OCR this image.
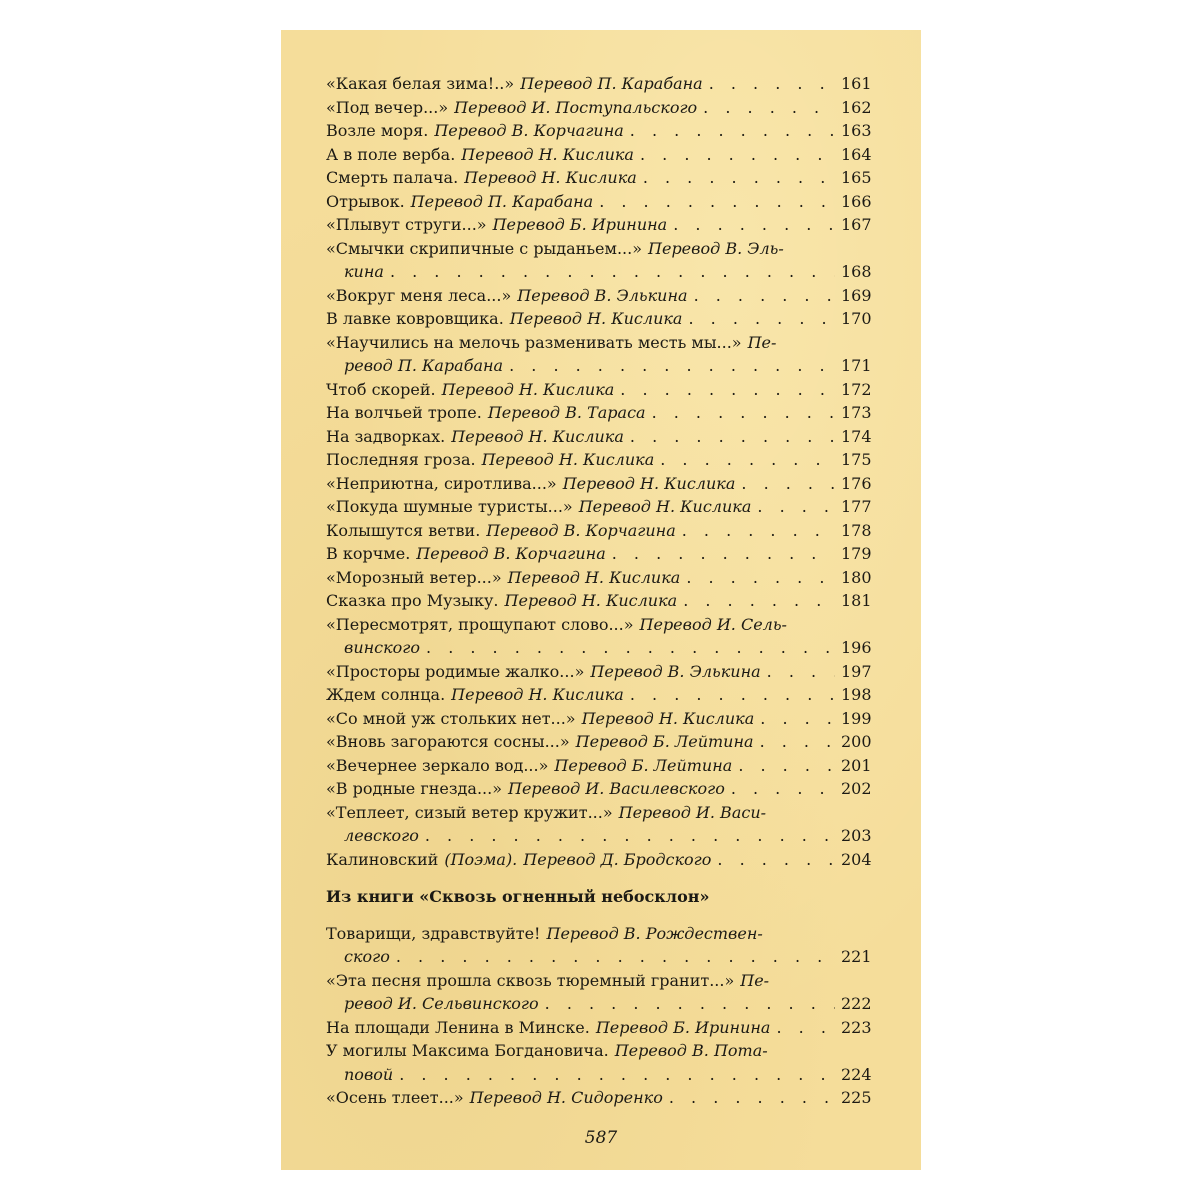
«Какая белая зима!..» Перевод П. Карабана . . .	161
«Под вечер...» Перевод И. Поступальского . . .	162
Возле моря. Перевод В. Корчагина . . .	163
А в поле верба. Перевод Н. Кислика . . .	164
Смерть палача. Перевод Н. Кислика . . .	165
Отрывок. Перевод П. Карабана . . .	166
«Плывут струги...» Перевод Б. Иринина . . .	167
«Смычки скрипичные с рыданьем...» Перевод В. Эль-
кина . . .	168
«Вокруг меня леса...» Перевод В. Элькина . . .	169
В лавке ковровщика. Перевод Н. Кислика . . .	170
«Научились на мелочь разменивать месть мы...» Пе-
ревод П. Карабана . . .	171
Чтоб скорей. Перевод Н. Кислика . . .	172
На волчьей тропе. Перевод В. Тараса . . .	173
На задворках. Перевод Н. Кислика . . .	174
Последняя гроза. Перевод Н. Кислика . . .	175
«Неприютна, сиротлива...» Перевод Н. Кислика . . .	176
«Покуда шумные туристы...» Перевод Н. Кислика . . .	177
Колышутся ветви. Перевод В. Корчагина . . .	178
В корчме. Перевод В. Корчагина . . .	179
«Морозный ветер...» Перевод Н. Кислика . . .	180
Сказка про Музыку. Перевод Н. Кислика . . .	181
«Пересмотрят, прощупают слово...» Перевод И. Сель-
винского . . .	196
«Просторы родимые жалко...» Перевод В. Элькина . . .	197
Ждем солнца. Перевод Н. Кислика . . .	198
«Со мной уж стольких нет...» Перевод Н. Кислика . . .	199
«Вновь загораются сосны...» Перевод Б. Лейтина . . .	200
«Вечернее зеркало вод...» Перевод Б. Лейтина . . .	201
«В родные гнезда...» Перевод И. Василевского . . .	202
«Теплеет, сизый ветер кружит...» Перевод И. Васи-
левского . . .	203
Калиновский (Поэма). Перевод Д. Бродского . . .	204
Из книги «Сквозь огненный небосклон»
Товарищи, здравствуйте! Перевод В. Рождествен-
ского . . .	221
«Эта песня прошла сквозь тюремный гранит...» Пе-
ревод И. Сельвинского . . .	222
На площади Ленина в Минске. Перевод Б. Иринина . . .	223
У могилы Максима Богдановича. Перевод В. Пота-
повой . . .	224
«Осень тлеет...» Перевод Н. Сидоренко . . .	225
587
